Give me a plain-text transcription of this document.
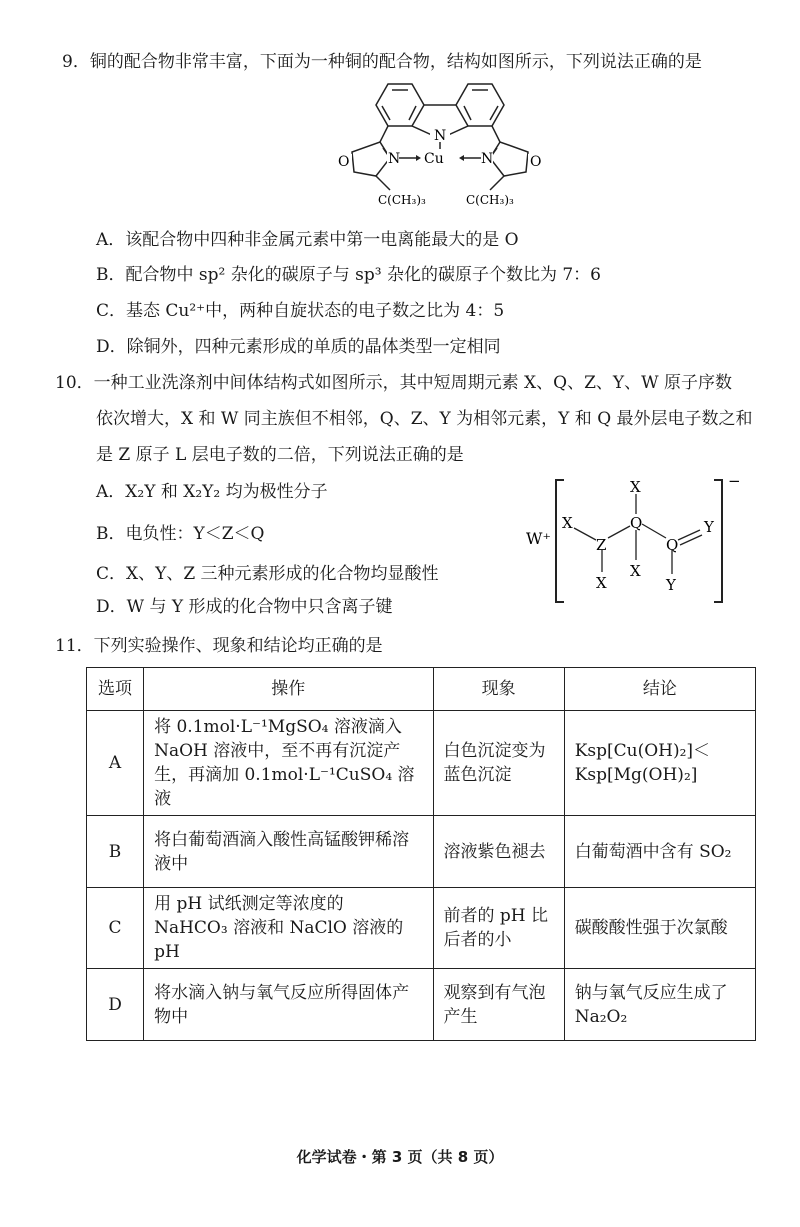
9．铜的配合物非常丰富，下面为一种铜的配合物，结构如图所示，下列说法正确的是
N
Cu
N	N
O	O
C(CH₃)₃	C(CH₃)₃
A．该配合物中四种非金属元素中第一电离能最大的是 O
B．配合物中 sp² 杂化的碳原子与 sp³ 杂化的碳原子个数比为 7：6
C．基态 Cu²⁺中，两种自旋状态的电子数之比为 4：5
D．除铜外，四种元素形成的单质的晶体类型一定相同
10．一种工业洗涤剂中间体结构式如图所示，其中短周期元素 X、Q、Z、Y、W 原子序数
依次增大，X 和 W 同主族但不相邻，Q、Z、Y 为相邻元素，Y 和 Q 最外层电子数之和
是 Z 原子 L 层电子数的二倍，下列说法正确的是
A．X₂Y 和 X₂Y₂ 均为极性分子
B．电负性：Y＜Z＜Q
C．X、Y、Z 三种元素形成的化合物均显酸性
D．W 与 Y 形成的化合物中只含离子键
−
W⁺
X
Z
X
X
Q
X
Q
Y
Y
11．下列实验操作、现象和结论均正确的是
选项	操作	现象	结论
A	将 0.1mol·L⁻¹MgSO₄ 溶液滴入 NaOH 溶液中，至不再有沉淀产生，再滴加 0.1mol·L⁻¹CuSO₄ 溶液	白色沉淀变为蓝色沉淀	Ksp[Cu(OH)₂]＜ Ksp[Mg(OH)₂]
B	将白葡萄酒滴入酸性高锰酸钾稀溶液中	溶液紫色褪去	白葡萄酒中含有 SO₂
C	用 pH 试纸测定等浓度的 NaHCO₃ 溶液和 NaClO 溶液的 pH	前者的 pH 比后者的小	碳酸酸性强于次氯酸
D	将水滴入钠与氧气反应所得固体产物中	观察到有气泡产生	钠与氧气反应生成了 Na₂O₂
化学试卷・第 3 页（共 8 页）
